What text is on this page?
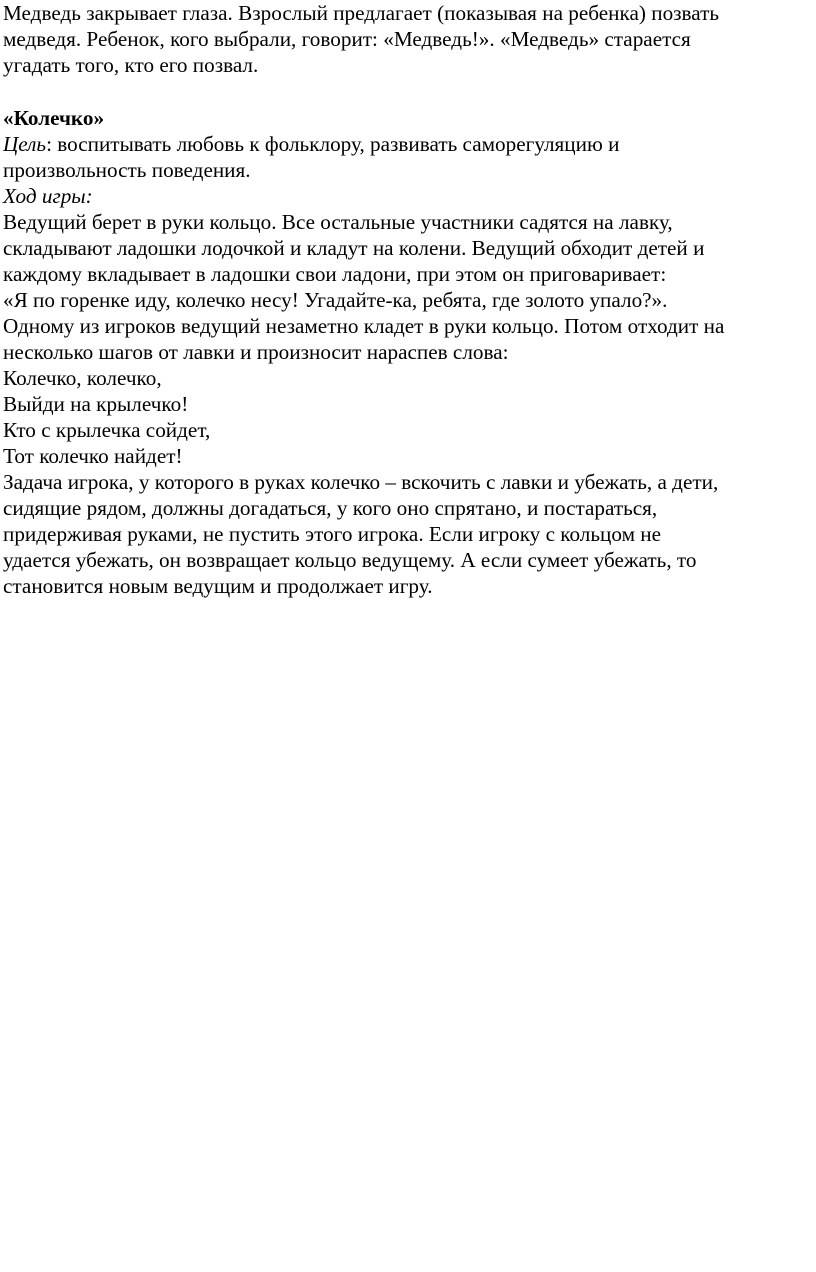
Медведь закрывает глаза. Взрослый предлагает (показывая на ребенка) позвать

медведя. Ребенок, кого выбрали, говорит: «Медведь!». «Медведь» старается

угадать того, кто его позвал.

«Колечко»

Цель: воспитывать любовь к фольклору, развивать саморегуляцию и

произвольность поведения.

Ход игры:

Ведущий берет в руки кольцо. Все остальные участники садятся на лавку,

складывают ладошки лодочкой и кладут на колени. Ведущий обходит детей и

каждому вкладывает в ладошки свои ладони, при этом он приговаривает:

«Я по горенке иду, колечко несу! Угадайте-ка, ребята, где золото упало?».

Одному из игроков ведущий незаметно кладет в руки кольцо. Потом отходит на

несколько шагов от лавки и произносит нараспев слова:

Колечко, колечко,

Выйди на крылечко!

Кто с крылечка сойдет,

Тот колечко найдет!

Задача игрока, у которого в руках колечко – вскочить с лавки и убежать, а дети,

сидящие рядом, должны догадаться, у кого оно спрятано, и постараться,

придерживая руками, не пустить этого игрока. Если игроку с кольцом не

удается убежать, он возвращает кольцо ведущему. А если сумеет убежать, то

становится новым ведущим и продолжает игру.
